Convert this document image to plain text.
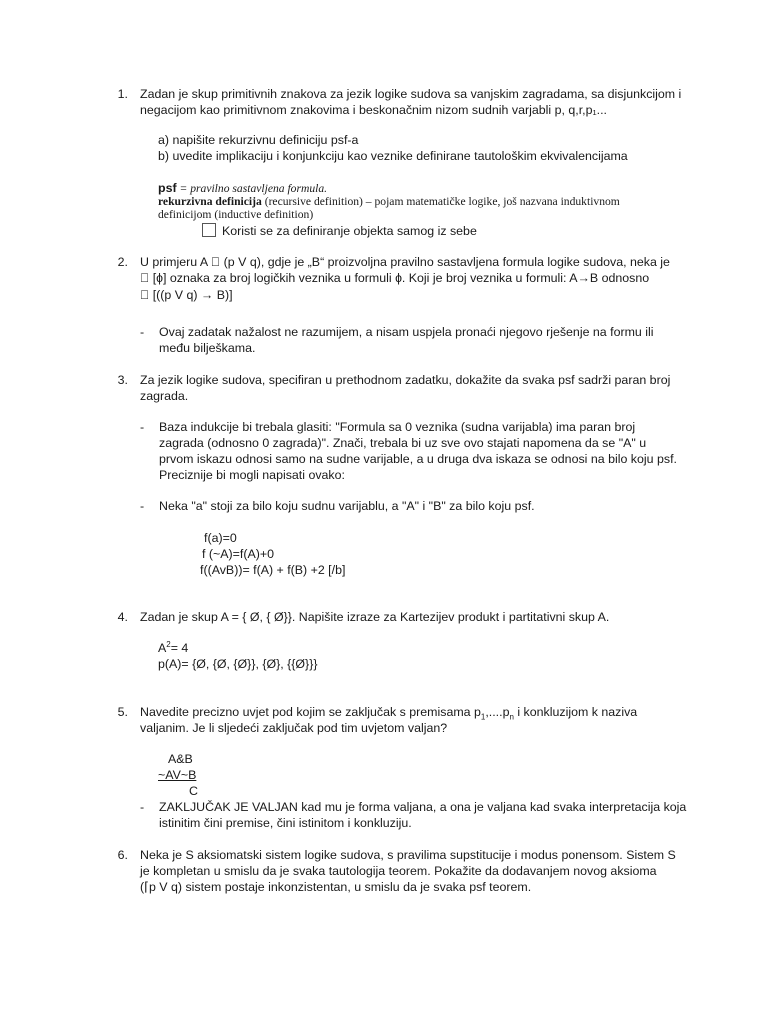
1. Zadan je skup primitivnih znakova za jezik logike sudova sa vanjskim zagradama, sa disjunkcijom i
negacijom kao primitivnom znakovima i beskonačnim nizom sudnih varjabli p, q,r,p₁...
a) napišite rekurzivnu definiciju psf-a
b) uvedite implikaciju i konjunkciju kao veznike definirane tautološkim ekvivalencijama
psf = pravilno sastavljena formula.
rekurzivna definicija (recursive definition) – pojam matematičke logike, još nazvana induktivnom
definicijom (inductive definition)
Koristi se za definiranje objekta samog iz sebe
2. U primjeru A (p V q), gdje je „B“ proizvoljna pravilno sastavljena formula logike sudova, neka je
[ɸ] oznaka za broj logičkih veznika u formuli ɸ. Koji je broj veznika u formuli: A→B odnosno
[((p V q) → B)]
- Ovaj zadatak nažalost ne razumijem, a nisam uspjela pronaći njegovo rješenje na formu ili
među bilješkama.
3. Za jezik logike sudova, specifiran u prethodnom zadatku, dokažite da svaka psf sadrži paran broj
zagrada.
- Baza indukcije bi trebala glasiti: "Formula sa 0 veznika (sudna varijabla) ima paran broj
zagrada (odnosno 0 zagrada)". Znači, trebala bi uz sve ovo stajati napomena da se "A" u
prvom iskazu odnosi samo na sudne varijable, a u druga dva iskaza se odnosi na bilo koju psf.
Preciznije bi mogli napisati ovako:
- Neka "a" stoji za bilo koju sudnu varijablu, a "A" i "B" za bilo koju psf.
f(a)=0
f (~A)=f(A)+0
f((AvB))= f(A) + f(B) +2 [/b]
4. Zadan je skup A = { Ø, { Ø}}. Napišite izraze za Kartezijev produkt i partitativni skup A.
$A^2= 4$
p(A)= {Ø, {Ø, {Ø}}, {Ø}, {{Ø}}}
5. Navedite precizno uvjet pod kojim se zaključak s premisama $p_1,....p_n$ i konkluzijom k naziva
valjanim. Je li sljedeći zaključak pod tim uvjetom valjan?
A&B
~AV~B
C
- ZAKLJUČAK JE VALJAN kad mu je forma valjana, a ona je valjana kad svaka interpretacija koja
istinitim čini premise, čini istinitom i konkluziju.
6. Neka je S aksiomatski sistem logike sudova, s pravilima supstitucije i modus ponensom. Sistem S
je kompletan u smislu da je svaka tautologija teorem. Pokažite da dodavanjem novog aksioma
(⌈p V q) sistem postaje inkonzistentan, u smislu da je svaka psf teorem.
